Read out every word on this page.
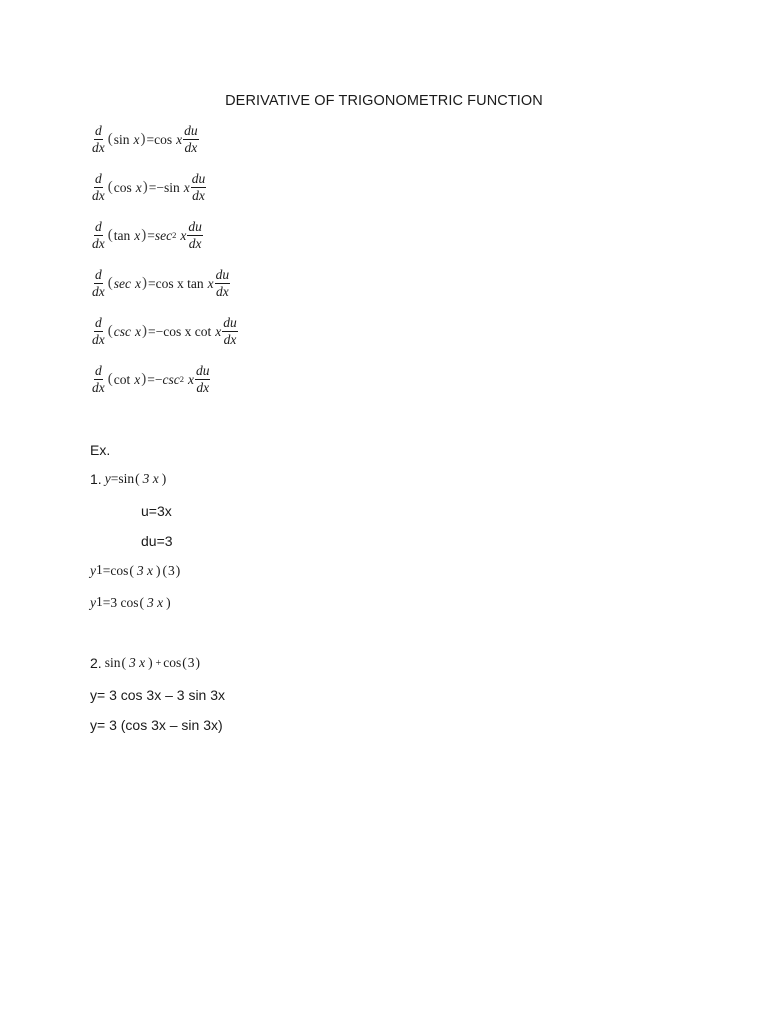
DERIVATIVE OF TRIGONOMETRIC FUNCTION
$\frac{d}{dx}$ ( sin x ) = cos x $\frac{du}{dx}$
$\frac{d}{dx}$ ( cos x ) =− sin x $\frac{du}{dx}$
$\frac{d}{dx}$ ( tan x ) = $\sec^2 x \frac{du}{dx}$
$\frac{d}{dx}$ ( sec x ) = cos x tan x $\frac{du}{dx}$
$\frac{d}{dx}$ ( csc x ) =− cos x cot x $\frac{du}{dx}$
$\frac{d}{dx}$ ( cot x ) =− $\csc^2 x \frac{du}{dx}$
Ex.
1. y = sin ( 3 x )
u=3x
du=3
$y^1 =\cos$ ( 3 x ) ( 3 )
$y^1 =3$ cos ( 3 x )
2. sin ( 3 x ) + cos ( 3 )
y= 3 cos 3x – 3 sin 3x
y= 3 (cos 3x – sin 3x)
